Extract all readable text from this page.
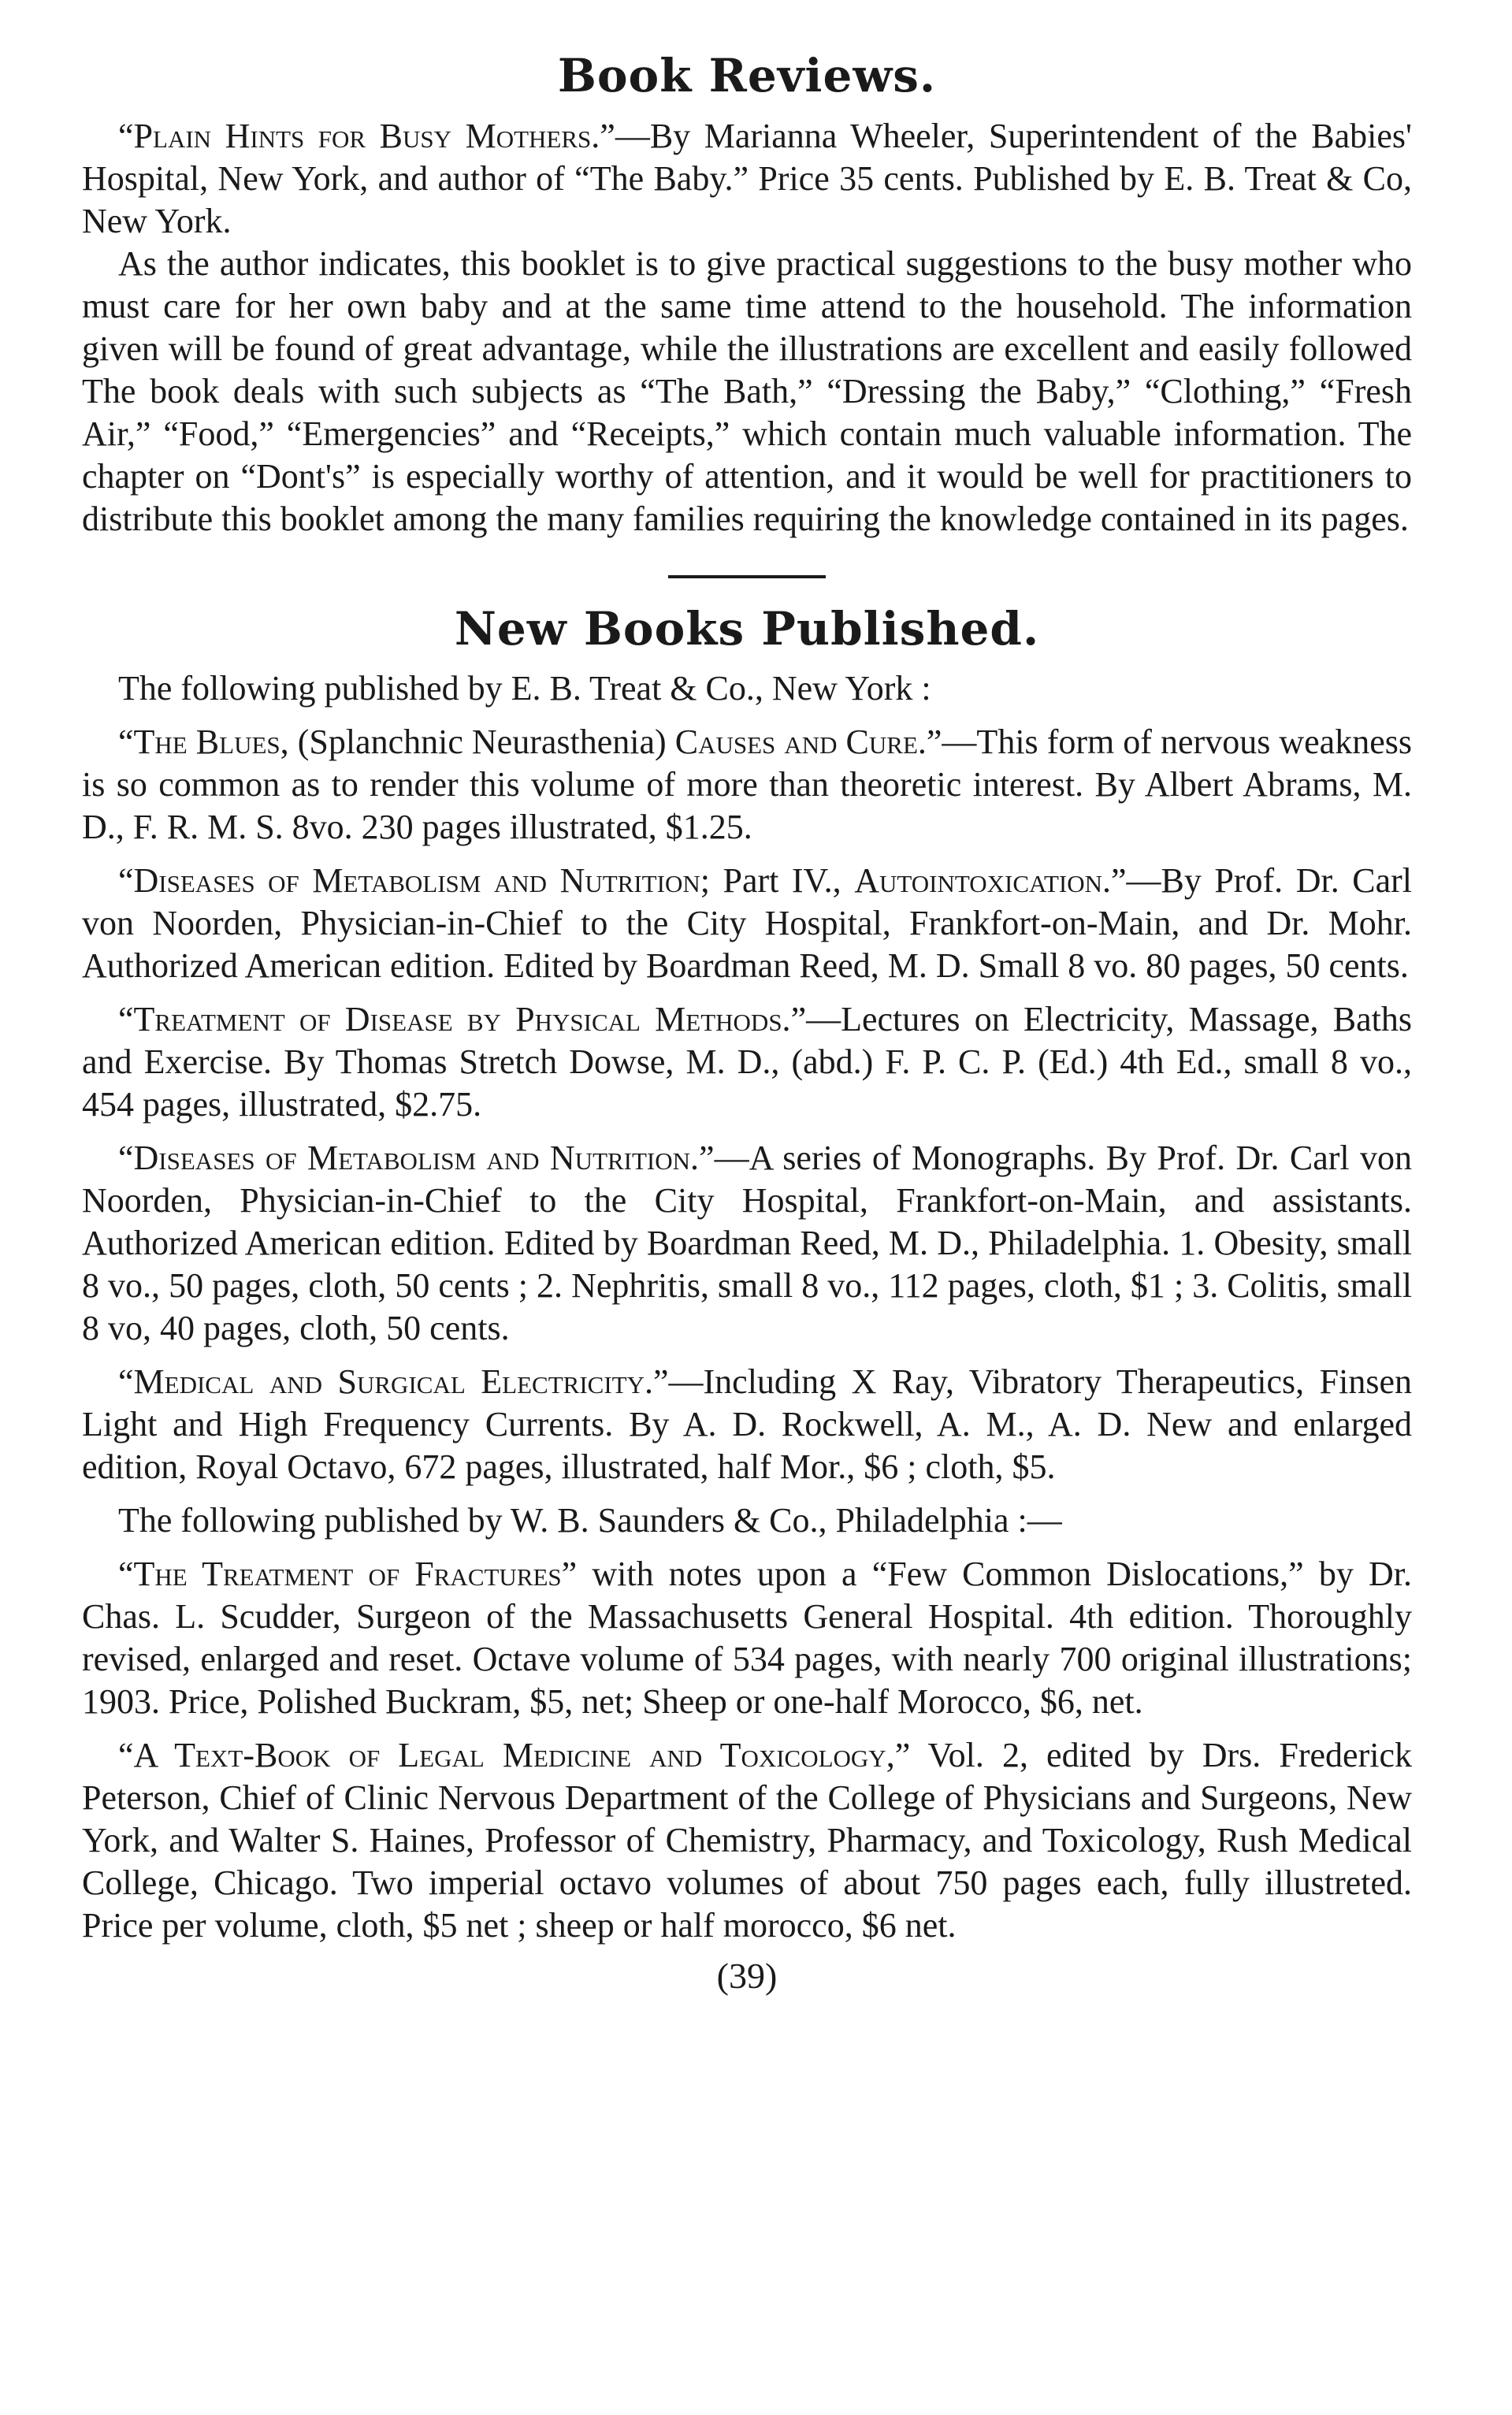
Book Reviews.

“Plain Hints for Busy Mothers.”—By Marianna Wheeler, Superintendent of the Babies' Hospital, New York, and author of “The Baby.” Price 35 cents. Published by E. B. Treat & Co, New York.

As the author indicates, this booklet is to give practical suggestions to the busy mother who must care for her own baby and at the same time attend to the household. The information given will be found of great advantage, while the illustrations are excellent and easily followed The book deals with such subjects as “The Bath,” “Dressing the Baby,” “Clothing,” “Fresh Air,” “Food,” “Emergencies” and “Receipts,” which contain much valuable information. The chapter on “Dont's” is especially worthy of attention, and it would be well for practitioners to distribute this booklet among the many families requiring the knowledge contained in its pages.

New Books Published.

The following published by E. B. Treat & Co., New York :

“The Blues, (Splanchnic Neurasthenia) Causes and Cure.”—This form of nervous weakness is so common as to render this volume of more than theoretic interest. By Albert Abrams, M. D., F. R. M. S. 8vo. 230 pages illustrated, $1.25.

“Diseases of Metabolism and Nutrition; Part IV., Autointoxication.”—By Prof. Dr. Carl von Noorden, Physician-in-Chief to the City Hospital, Frankfort-on-Main, and Dr. Mohr. Authorized American edition. Edited by Boardman Reed, M. D. Small 8 vo. 80 pages, 50 cents.

“Treatment of Disease by Physical Methods.”—Lectures on Electricity, Massage, Baths and Exercise. By Thomas Stretch Dowse, M. D., (abd.) F. P. C. P. (Ed.) 4th Ed., small 8 vo., 454 pages, illustrated, $2.75.

“Diseases of Metabolism and Nutrition.”—A series of Monographs. By Prof. Dr. Carl von Noorden, Physician-in-Chief to the City Hospital, Frankfort-on-Main, and assistants. Authorized American edition. Edited by Boardman Reed, M. D., Philadelphia. 1. Obesity, small 8 vo., 50 pages, cloth, 50 cents ; 2. Nephritis, small 8 vo., 112 pages, cloth, $1 ; 3. Colitis, small 8 vo, 40 pages, cloth, 50 cents.

“Medical and Surgical Electricity.”—Including X Ray, Vibratory Therapeutics, Finsen Light and High Frequency Currents. By A. D. Rockwell, A. M., A. D. New and enlarged edition, Royal Octavo, 672 pages, illustrated, half Mor., $6 ; cloth, $5.

The following published by W. B. Saunders & Co., Philadelphia :—

“The Treatment of Fractures” with notes upon a “Few Common Dislocations,” by Dr. Chas. L. Scudder, Surgeon of the Massachusetts General Hospital. 4th edition. Thoroughly revised, enlarged and reset. Octave volume of 534 pages, with nearly 700 original illustrations; 1903. Price, Polished Buckram, $5, net; Sheep or one-half Morocco, $6, net.

“A Text-Book of Legal Medicine and Toxicology,” Vol. 2, edited by Drs. Frederick Peterson, Chief of Clinic Nervous Department of the College of Physicians and Surgeons, New York, and Walter S. Haines, Professor of Chemistry, Pharmacy, and Toxicology, Rush Medical College, Chicago. Two imperial octavo volumes of about 750 pages each, fully illustreted. Price per volume, cloth, $5 net ; sheep or half morocco, $6 net.

(39)
